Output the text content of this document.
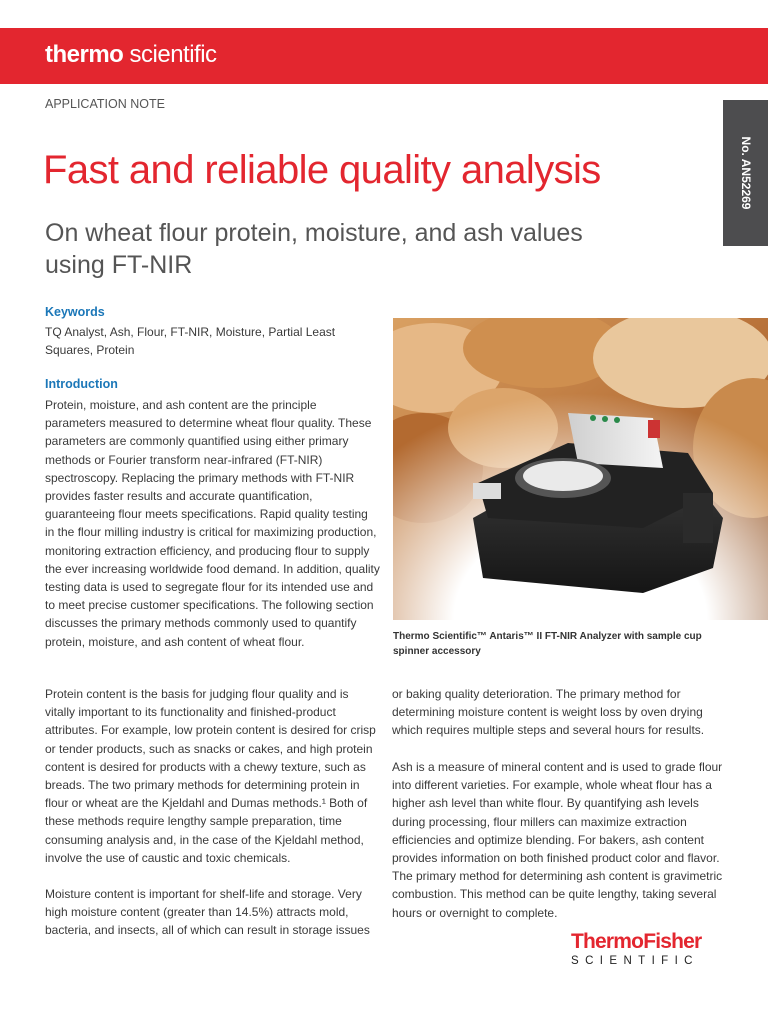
thermo scientific
APPLICATION NOTE
No. AN52269
Fast and reliable quality analysis
On wheat flour protein, moisture, and ash values using FT-NIR
Keywords

TQ Analyst, Ash, Flour, FT-NIR, Moisture, Partial Least Squares, Protein

Introduction

Protein, moisture, and ash content are the principle parameters measured to determine wheat flour quality. These parameters are commonly quantified using either primary methods or Fourier transform near-infrared (FT-NIR) spectroscopy. Replacing the primary methods with FT-NIR provides faster results and accurate quantification, guaranteeing flour meets specifications. Rapid quality testing in the flour milling industry is critical for maximizing production, monitoring extraction efficiency, and producing flour to supply the ever increasing worldwide food demand. In addition, quality testing data is used to segregate flour for its intended use and to meet precise customer specifications. The following section discusses the primary methods commonly used to quantify protein, moisture, and ash content of wheat flour.	Thermo Scientific™ Antaris™ II FT-NIR Analyzer with sample cup spinner accessory

Protein content is the basis for judging flour quality and is vitally important to its functionality and finished-product attributes. For example, low protein content is desired for crisp or tender products, such as snacks or cakes, and high protein content is desired for products with a chewy texture, such as breads. The two primary methods for determining protein in flour or wheat are the Kjeldahl and Dumas methods.¹ Both of these methods require lengthy sample preparation, time consuming analysis and, in the case of the Kjeldahl method, involve the use of caustic and toxic chemicals.

Moisture content is important for shelf-life and storage. Very high moisture content (greater than 14.5%) attracts mold, bacteria, and insects, all of which can result in storage issues

or baking quality deterioration. The primary method for determining moisture content is weight loss by oven drying which requires multiple steps and several hours for results.

Ash is a measure of mineral content and is used to grade flour into different varieties. For example, whole wheat flour has a higher ash level than white flour. By quantifying ash levels during processing, flour millers can maximize extraction efficiencies and optimize blending. For bakers, ash content provides information on both finished product color and flavor. The primary method for determining ash content is gravimetric combustion. This method can be quite lengthy, taking several hours or overnight to complete.

ThermoFisher
SCIENTIFIC
